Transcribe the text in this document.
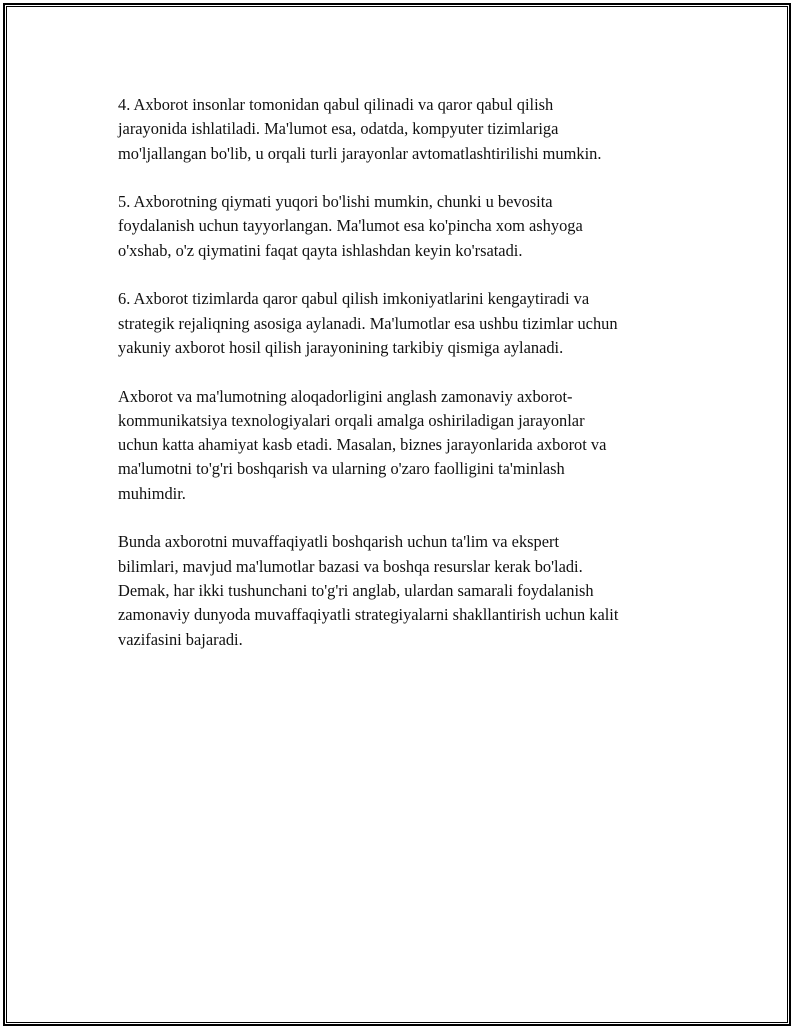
4. Axborot insonlar tomonidan qabul qilinadi va qaror qabul qilish
jarayonida ishlatiladi. Ma'lumot esa, odatda, kompyuter tizimlariga
mo'ljallangan bo'lib, u orqali turli jarayonlar avtomatlashtirilishi mumkin.

5. Axborotning qiymati yuqori bo'lishi mumkin, chunki u bevosita
foydalanish uchun tayyorlangan. Ma'lumot esa ko'pincha xom ashyoga
o'xshab, o'z qiymatini faqat qayta ishlashdan keyin ko'rsatadi.

6. Axborot tizimlarda qaror qabul qilish imkoniyatlarini kengaytiradi va
strategik rejaliqning asosiga aylanadi. Ma'lumotlar esa ushbu tizimlar uchun
yakuniy axborot hosil qilish jarayonining tarkibiy qismiga aylanadi.

Axborot va ma'lumotning aloqadorligini anglash zamonaviy axborot-
kommunikatsiya texnologiyalari orqali amalga oshiriladigan jarayonlar
uchun katta ahamiyat kasb etadi. Masalan, biznes jarayonlarida axborot va
ma'lumotni to'g'ri boshqarish va ularning o'zaro faolligini ta'minlash
muhimdir.

Bunda axborotni muvaffaqiyatli boshqarish uchun ta'lim va ekspert
bilimlari, mavjud ma'lumotlar bazasi va boshqa resurslar kerak bo'ladi.
Demak, har ikki tushunchani to'g'ri anglab, ulardan samarali foydalanish
zamonaviy dunyoda muvaffaqiyatli strategiyalarni shakllantirish uchun kalit
vazifasini bajaradi.
